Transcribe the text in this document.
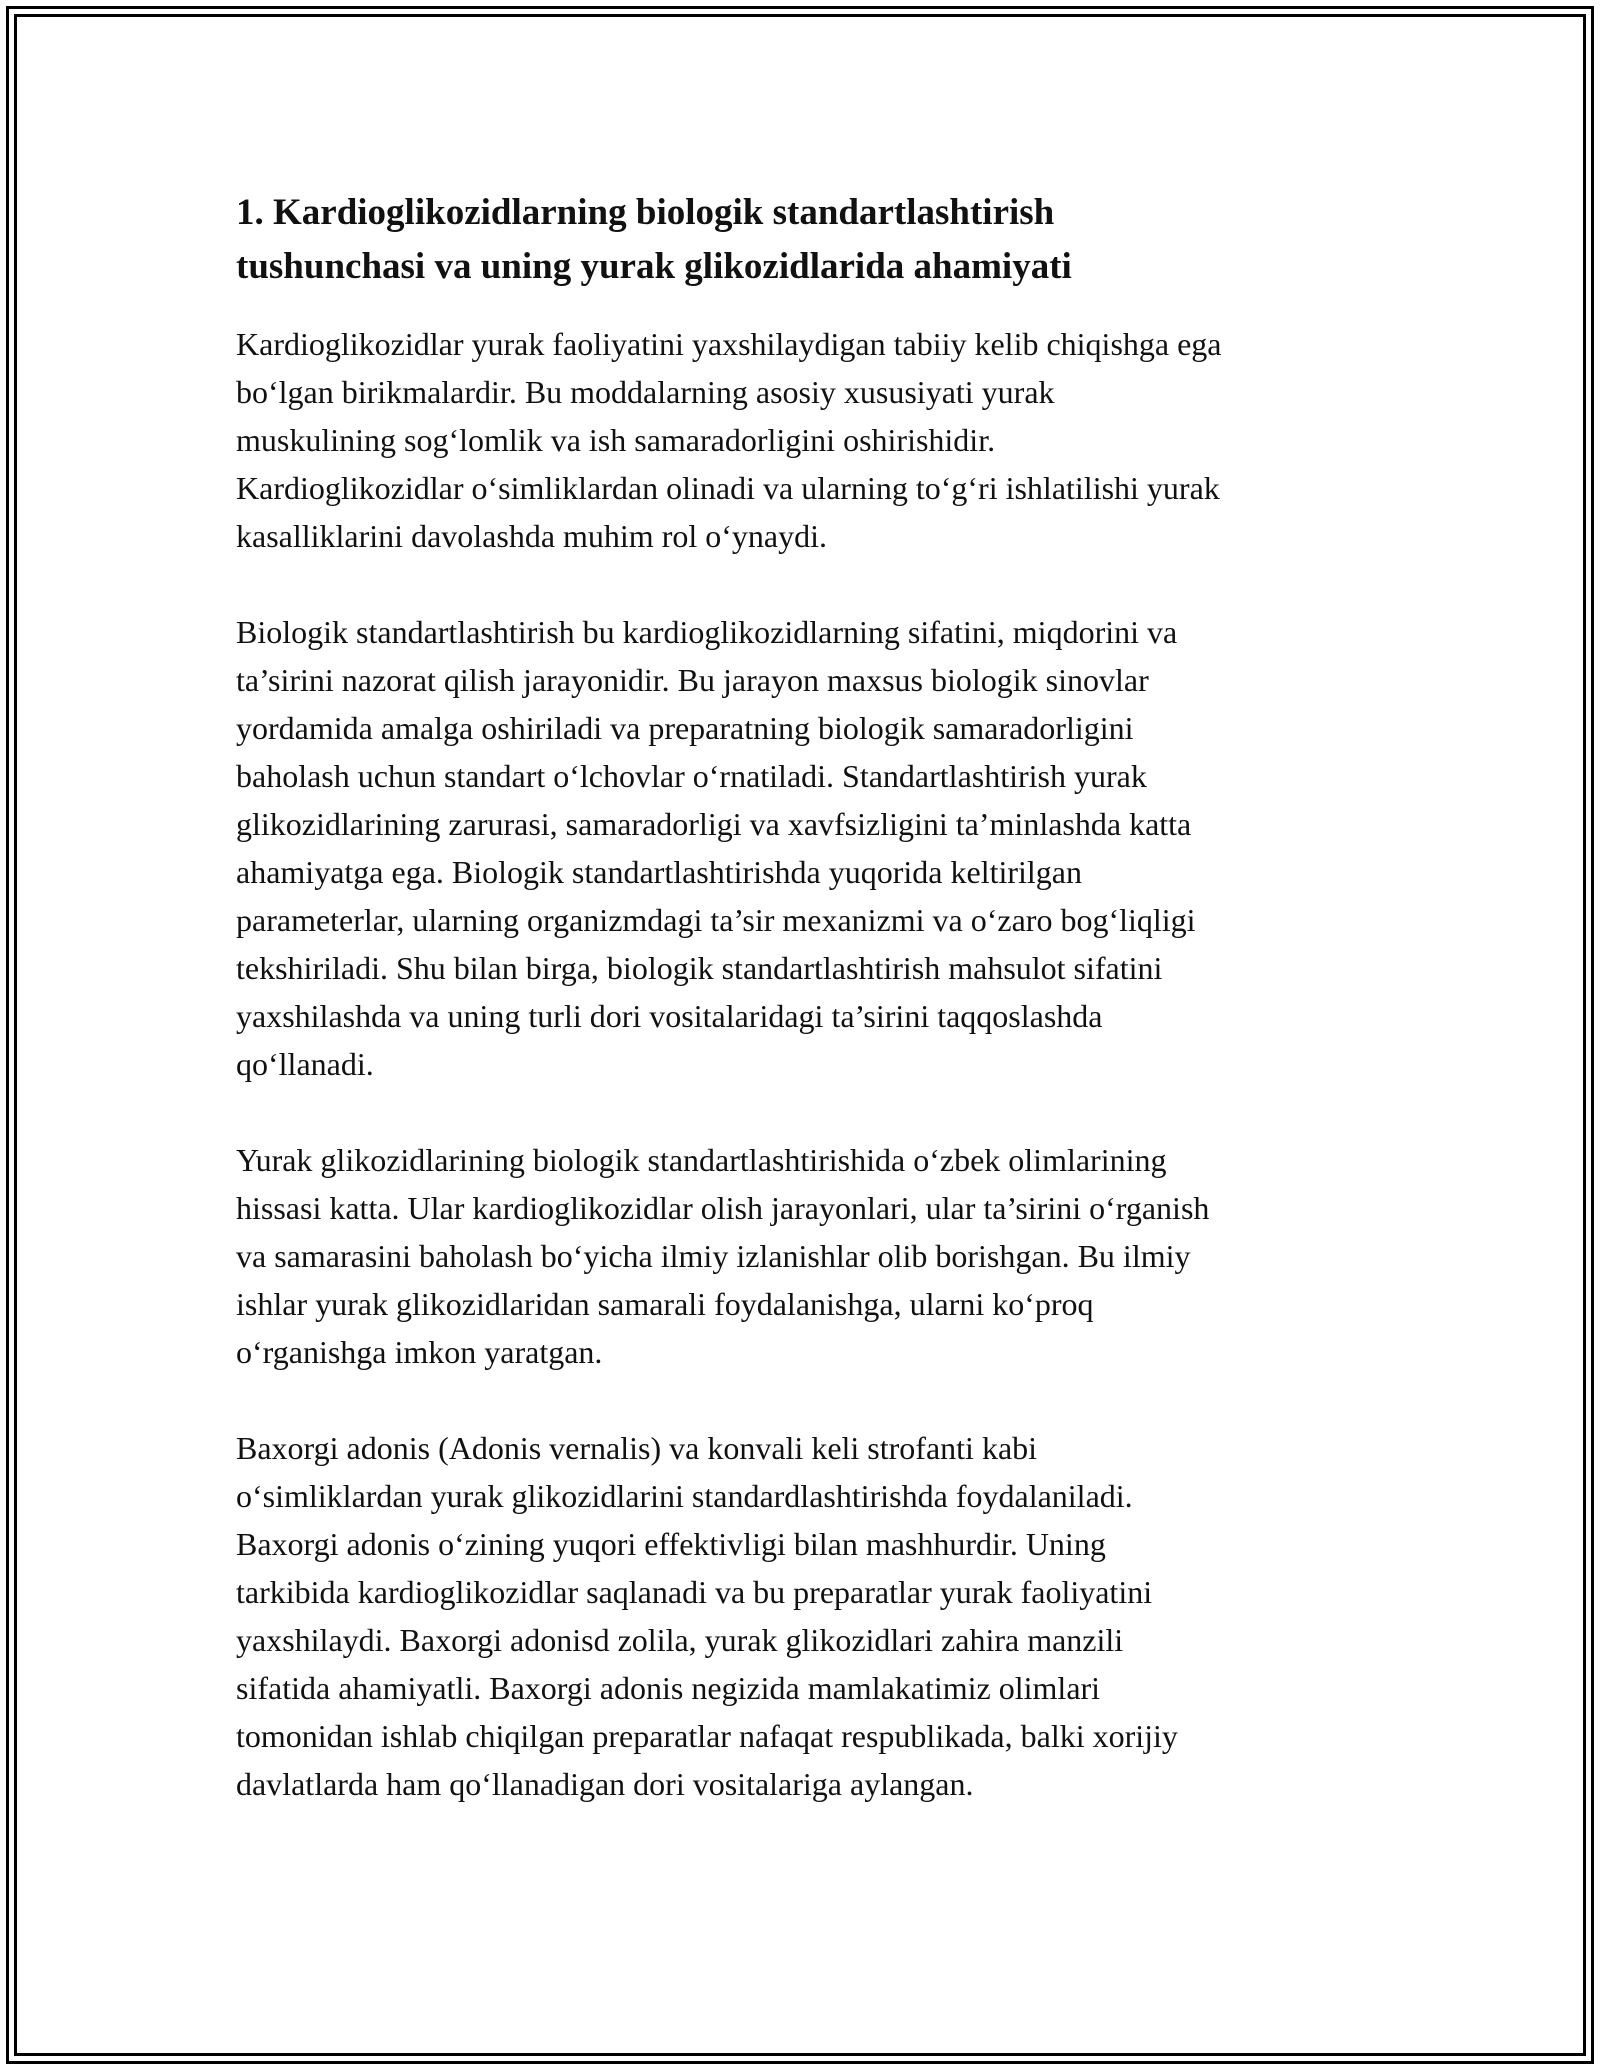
1. Kardioglikozidlarning biologik standartlashtirish
tushunchasi va uning yurak glikozidlarida ahamiyati

Kardioglikozidlar yurak faoliyatini yaxshilaydigan tabiiy kelib chiqishga ega
bo‘lgan birikmalardir. Bu moddalarning asosiy xususiyati yurak
muskulining sog‘lomlik va ish samaradorligini oshirishidir.
Kardioglikozidlar o‘simliklardan olinadi va ularning to‘g‘ri ishlatilishi yurak
kasalliklarini davolashda muhim rol o‘ynaydi.

Biologik standartlashtirish bu kardioglikozidlarning sifatini, miqdorini va
ta’sirini nazorat qilish jarayonidir. Bu jarayon maxsus biologik sinovlar
yordamida amalga oshiriladi va preparatning biologik samaradorligini
baholash uchun standart o‘lchovlar o‘rnatiladi. Standartlashtirish yurak
glikozidlarining zarurasi, samaradorligi va xavfsizligini ta’minlashda katta
ahamiyatga ega. Biologik standartlashtirishda yuqorida keltirilgan
parameterlar, ularning organizmdagi ta’sir mexanizmi va o‘zaro bog‘liqligi
tekshiriladi. Shu bilan birga, biologik standartlashtirish mahsulot sifatini
yaxshilashda va uning turli dori vositalaridagi ta’sirini taqqoslashda
qo‘llanadi.

Yurak glikozidlarining biologik standartlashtirishida o‘zbek olimlarining
hissasi katta. Ular kardioglikozidlar olish jarayonlari, ular ta’sirini o‘rganish
va samarasini baholash bo‘yicha ilmiy izlanishlar olib borishgan. Bu ilmiy
ishlar yurak glikozidlaridan samarali foydalanishga, ularni ko‘proq
o‘rganishga imkon yaratgan.

Baxorgi adonis (Adonis vernalis) va konvali keli strofanti kabi
o‘simliklardan yurak glikozidlarini standardlashtirishda foydalaniladi.
Baxorgi adonis o‘zining yuqori effektivligi bilan mashhurdir. Uning
tarkibida kardioglikozidlar saqlanadi va bu preparatlar yurak faoliyatini
yaxshilaydi. Baxorgi adonisd zolila, yurak glikozidlari zahira manzili
sifatida ahamiyatli. Baxorgi adonis negizida mamlakatimiz olimlari
tomonidan ishlab chiqilgan preparatlar nafaqat respublikada, balki xorijiy
davlatlarda ham qo‘llanadigan dori vositalariga aylangan.
